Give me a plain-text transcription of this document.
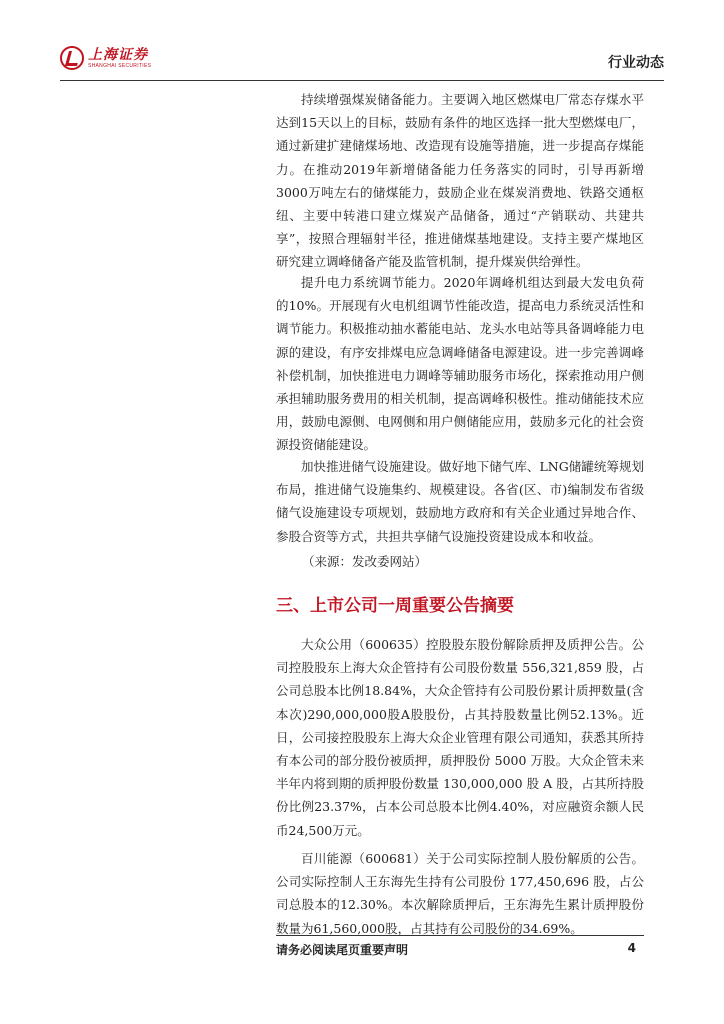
上海证券
SHANGHAI SECURITIES	行业动态

持续增强煤炭储备能力。主要调入地区燃煤电厂常态存煤水平达到15天以上的目标，鼓励有条件的地区选择一批大型燃煤电厂，通过新建扩建储煤场地、改造现有设施等措施，进一步提高存煤能力。在推动2019年新增储备能力任务落实的同时，引导再新增3000万吨左右的储煤能力，鼓励企业在煤炭消费地、铁路交通枢纽、主要中转港口建立煤炭产品储备，通过“产销联动、共建共享”，按照合理辐射半径，推进储煤基地建设。支持主要产煤地区研究建立调峰储备产能及监管机制，提升煤炭供给弹性。

提升电力系统调节能力。2020年调峰机组达到最大发电负荷的10%。开展现有火电机组调节性能改造，提高电力系统灵活性和调节能力。积极推动抽水蓄能电站、龙头水电站等具备调峰能力电源的建设，有序安排煤电应急调峰储备电源建设。进一步完善调峰补偿机制，加快推进电力调峰等辅助服务市场化，探索推动用户侧承担辅助服务费用的相关机制，提高调峰积极性。推动储能技术应用，鼓励电源侧、电网侧和用户侧储能应用，鼓励多元化的社会资源投资储能建设。

加快推进储气设施建设。做好地下储气库、LNG储罐统筹规划布局，推进储气设施集约、规模建设。各省(区、市)编制发布省级储气设施建设专项规划，鼓励地方政府和有关企业通过异地合作、参股合资等方式，共担共享储气设施投资建设成本和收益。

（来源：发改委网站）

三、上市公司一周重要公告摘要

大众公用（600635）控股股东股份解除质押及质押公告。公司控股股东上海大众企管持有公司股份数量 556,321,859 股，占公司总股本比例18.84%，大众企管持有公司股份累计质押数量(含本次)290,000,000股A股股份，占其持股数量比例52.13%。近日，公司接控股股东上海大众企业管理有限公司通知，获悉其所持有本公司的部分股份被质押，质押股份 5000 万股。大众企管未来半年内将到期的质押股份数量 130,000,000 股 A 股，占其所持股份比例23.37%，占本公司总股本比例4.40%，对应融资余额人民币24,500万元。

百川能源（600681）关于公司实际控制人股份解质的公告。公司实际控制人王东海先生持有公司股份 177,450,696 股，占公司总股本的12.30%。本次解除质押后，王东海先生累计质押股份数量为61,560,000股，占其持有公司股份的34.69%。

请务必阅读尾页重要声明	4
